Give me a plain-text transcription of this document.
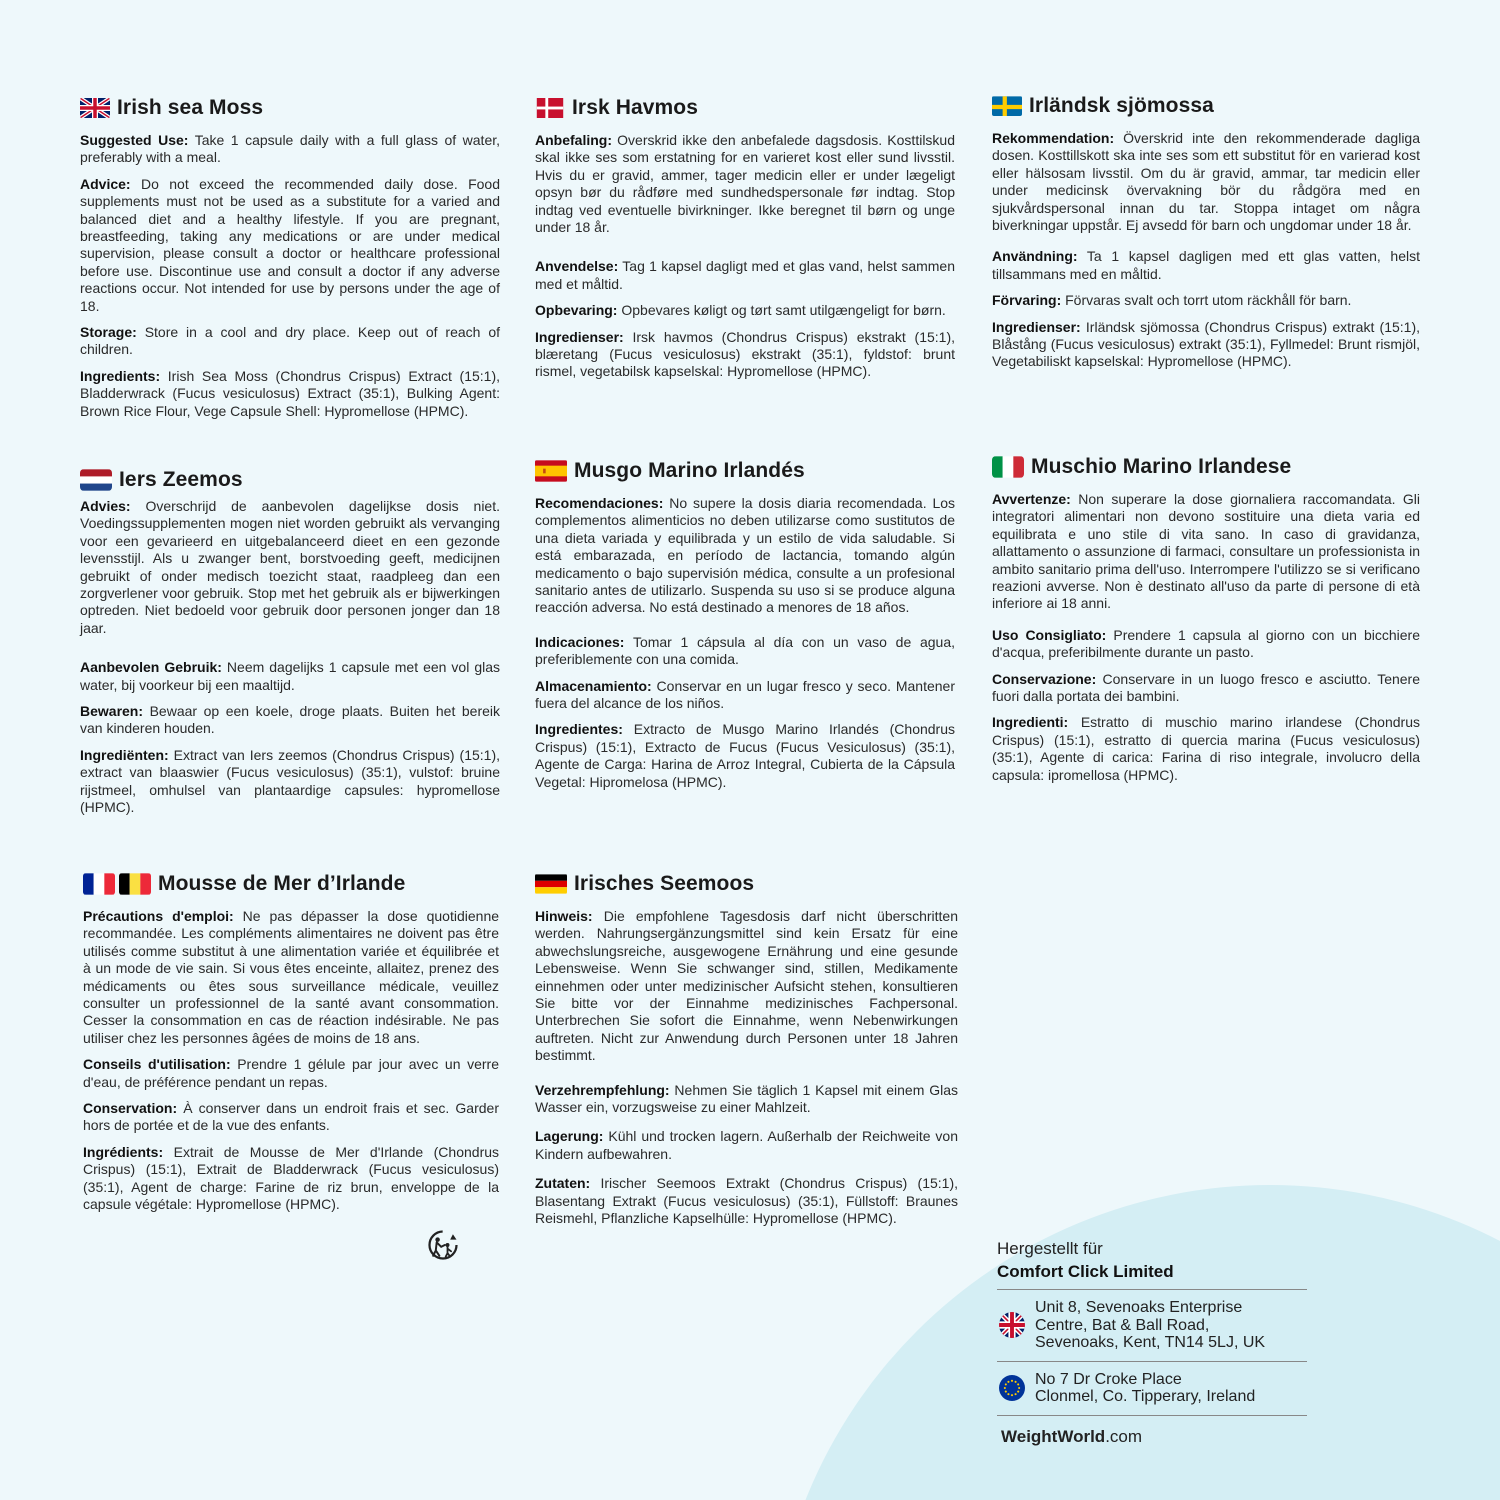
Irish sea Moss

Suggested Use: Take 1 capsule daily with a full glass of water, preferably with a meal.

Advice: Do not exceed the recommended daily dose. Food supplements must not be used as a substitute for a varied and balanced diet and a healthy lifestyle. If you are pregnant, breastfeeding, taking any medications or are under medical supervision, please consult a doctor or healthcare professional before use. Discontinue use and consult a doctor if any adverse reactions occur. Not intended for use by persons under the age of 18.

Storage: Store in a cool and dry place. Keep out of reach of children.

Ingredients: Irish Sea Moss (Chondrus Crispus) Extract (15:1), Bladderwrack (Fucus vesiculosus) Extract (35:1), Bulking Agent: Brown Rice Flour, Vege Capsule Shell: Hypromellose (HPMC).

Irsk Havmos

Anbefaling: Overskrid ikke den anbefalede dagsdosis. Kosttilskud skal ikke ses som erstatning for en varieret kost eller sund livsstil. Hvis du er gravid, ammer, tager medicin eller er under lægeligt opsyn bør du rådføre med sundhedspersonale før indtag. Stop indtag ved eventuelle bivirkninger. Ikke beregnet til børn og unge under 18 år.

Anvendelse: Tag 1 kapsel dagligt med et glas vand, helst sammen med et måltid.

Opbevaring: Opbevares køligt og tørt samt utilgængeligt for børn.

Ingredienser: Irsk havmos (Chondrus Crispus) ekstrakt (15:1), blæretang (Fucus vesiculosus) ekstrakt (35:1), fyldstof: brunt rismel, vegetabilsk kapselskal: Hypromellose (HPMC).

Irländsk sjömossa

Rekommendation: Överskrid inte den rekommenderade dagliga dosen. Kosttillskott ska inte ses som ett substitut för en varierad kost eller hälsosam livsstil. Om du är gravid, ammar, tar medicin eller under medicinsk övervakning bör du rådgöra med en sjukvårdspersonal innan du tar. Stoppa intaget om några biverkningar uppstår. Ej avsedd för barn och ungdomar under 18 år.

Användning: Ta 1 kapsel dagligen med ett glas vatten, helst tillsammans med en måltid.

Förvaring: Förvaras svalt och torrt utom räckhåll för barn.

Ingredienser: Irländsk sjömossa (Chondrus Crispus) extrakt (15:1), Blåstång (Fucus vesiculosus) extrakt (35:1), Fyllmedel: Brunt rismjöl, Vegetabiliskt kapselskal: Hypromellose (HPMC).

Iers Zeemos

Advies: Overschrijd de aanbevolen dagelijkse dosis niet. Voedingssupplementen mogen niet worden gebruikt als vervanging voor een gevarieerd en uitgebalanceerd dieet en een gezonde levensstijl. Als u zwanger bent, borstvoeding geeft, medicijnen gebruikt of onder medisch toezicht staat, raadpleeg dan een zorgverlener voor gebruik. Stop met het gebruik als er bijwerkingen optreden. Niet bedoeld voor gebruik door personen jonger dan 18 jaar.

Aanbevolen Gebruik: Neem dagelijks 1 capsule met een vol glas water, bij voorkeur bij een maaltijd.

Bewaren: Bewaar op een koele, droge plaats. Buiten het bereik van kinderen houden.

Ingrediënten: Extract van Iers zeemos (Chondrus Crispus) (15:1), extract van blaaswier (Fucus vesiculosus) (35:1), vulstof: bruine rijstmeel, omhulsel van plantaardige capsules: hypromellose (HPMC).

Musgo Marino Irlandés

Recomendaciones: No supere la dosis diaria recomendada. Los complementos alimenticios no deben utilizarse como sustitutos de una dieta variada y equilibrada y un estilo de vida saludable. Si está embarazada, en período de lactancia, tomando algún medicamento o bajo supervisión médica, consulte a un profesional sanitario antes de utilizarlo. Suspenda su uso si se produce alguna reacción adversa. No está destinado a menores de 18 años.

Indicaciones: Tomar 1 cápsula al día con un vaso de agua, preferiblemente con una comida.

Almacenamiento: Conservar en un lugar fresco y seco. Mantener fuera del alcance de los niños.

Ingredientes: Extracto de Musgo Marino Irlandés (Chondrus Crispus) (15:1), Extracto de Fucus (Fucus Vesiculosus) (35:1), Agente de Carga: Harina de Arroz Integral, Cubierta de la Cápsula Vegetal: Hipromelosa (HPMC).

Muschio Marino Irlandese

Avvertenze: Non superare la dose giornaliera raccomandata. Gli integratori alimentari non devono sostituire una dieta varia ed equilibrata e uno stile di vita sano. In caso di gravidanza, allattamento o assunzione di farmaci, consultare un professionista in ambito sanitario prima dell'uso. Interrompere l'utilizzo se si verificano reazioni avverse. Non è destinato all'uso da parte di persone di età inferiore ai 18 anni.

Uso Consigliato: Prendere 1 capsula al giorno con un bicchiere d'acqua, preferibilmente durante un pasto.

Conservazione: Conservare in un luogo fresco e asciutto. Tenere fuori dalla portata dei bambini.

Ingredienti: Estratto di muschio marino irlandese (Chondrus Crispus) (15:1), estratto di quercia marina (Fucus vesiculosus) (35:1), Agente di carica: Farina di riso integrale, involucro della capsula: ipromellosa (HPMC).

Mousse de Mer d’Irlande

Précautions d'emploi: Ne pas dépasser la dose quotidienne recommandée. Les compléments alimentaires ne doivent pas être utilisés comme substitut à une alimentation variée et équilibrée et à un mode de vie sain. Si vous êtes enceinte, allaitez, prenez des médicaments ou êtes sous surveillance médicale, veuillez consulter un professionnel de la santé avant consommation. Cesser la consommation en cas de réaction indésirable. Ne pas utiliser chez les personnes âgées de moins de 18 ans.

Conseils d'utilisation: Prendre 1 gélule par jour avec un verre d'eau, de préférence pendant un repas.

Conservation: À conserver dans un endroit frais et sec. Garder hors de portée et de la vue des enfants.

Ingrédients: Extrait de Mousse de Mer d'Irlande (Chondrus Crispus) (15:1), Extrait de Bladderwrack (Fucus vesiculosus) (35:1), Agent de charge: Farine de riz brun, enveloppe de la capsule végétale: Hypromellose (HPMC).

Irisches Seemoos

Hinweis: Die empfohlene Tagesdosis darf nicht überschritten werden. Nahrungsergänzungsmittel sind kein Ersatz für eine abwechslungsreiche, ausgewogene Ernährung und eine gesunde Lebensweise. Wenn Sie schwanger sind, stillen, Medikamente einnehmen oder unter medizinischer Aufsicht stehen, konsultieren Sie bitte vor der Einnahme medizinisches Fachpersonal. Unterbrechen Sie sofort die Einnahme, wenn Nebenwirkungen auftreten. Nicht zur Anwendung durch Personen unter 18 Jahren bestimmt.

Verzehrempfehlung: Nehmen Sie täglich 1 Kapsel mit einem Glas Wasser ein, vorzugsweise zu einer Mahlzeit.

Lagerung: Kühl und trocken lagern. Außerhalb der Reichweite von Kindern aufbewahren.

Zutaten: Irischer Seemoos Extrakt (Chondrus Crispus) (15:1), Blasentang Extrakt (Fucus vesiculosus) (35:1), Füllstoff: Braunes Reismehl, Pflanzliche Kapselhülle: Hypromellose (HPMC).

Hergestellt für
Comfort Click Limited
Unit 8, Sevenoaks Enterprise
Centre, Bat & Ball Road,
Sevenoaks, Kent, TN14 5LJ, UK
No 7 Dr Croke Place
Clonmel, Co. Tipperary, Ireland
WeightWorld.com
